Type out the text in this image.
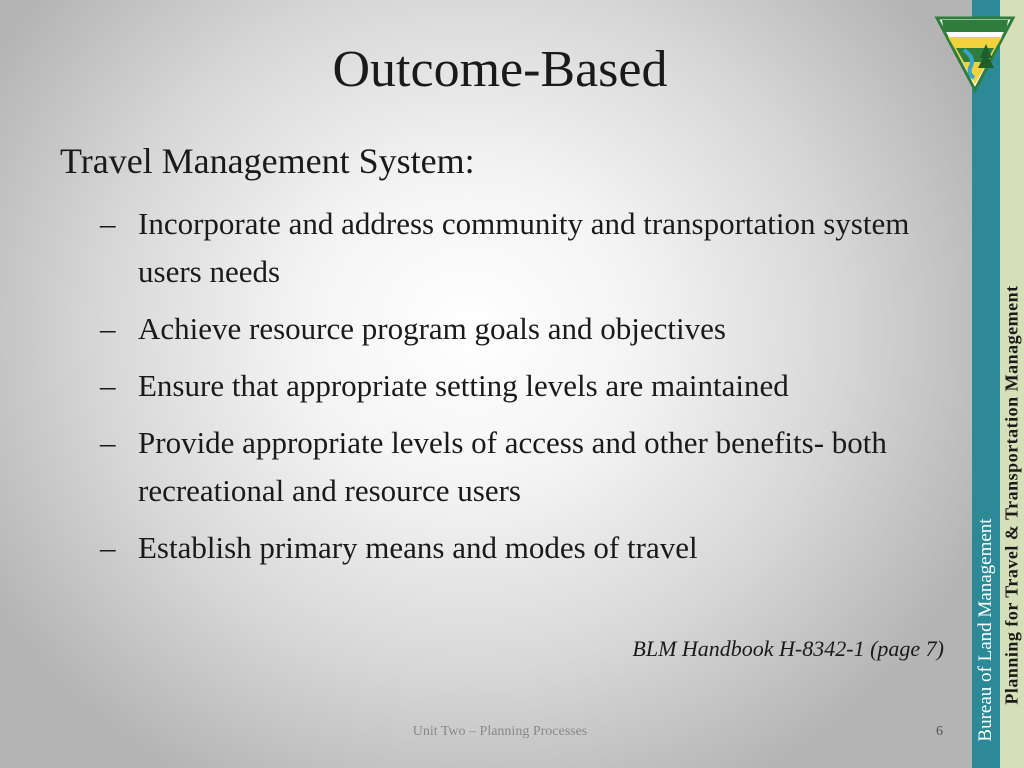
Outcome-Based
Travel Management System:
– Incorporate and address community and transportation system users needs
– Achieve resource program goals and objectives
– Ensure that appropriate setting levels are maintained
– Provide appropriate levels of access and other benefits- both recreational and resource users
– Establish primary means and modes of travel
BLM Handbook H-8342-1 (page 7)
Unit Two – Planning Processes	6 Bureau of Land Management Planning for Travel & Transportation Management
